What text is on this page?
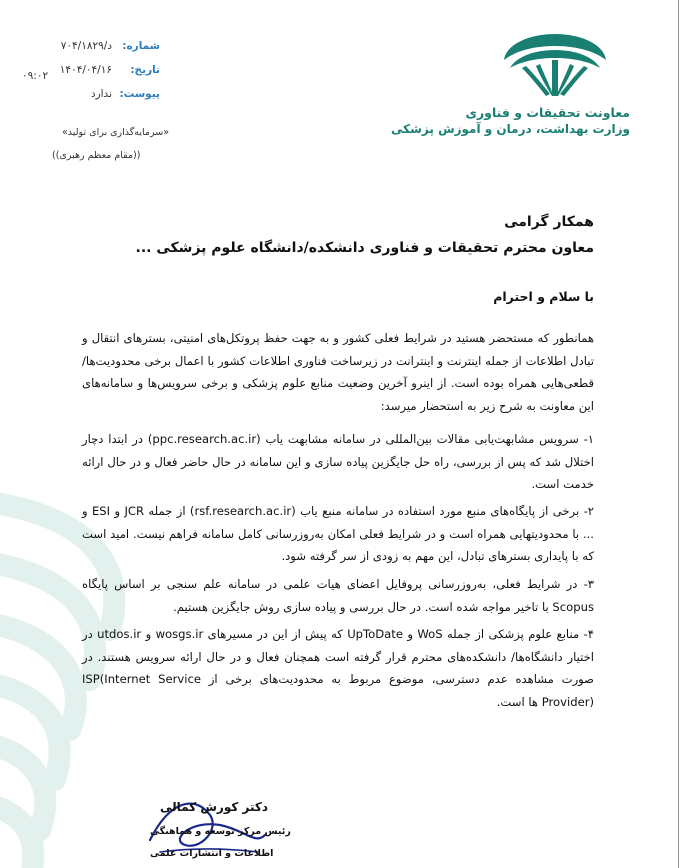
معاونت تحقیقات و فناوری
وزارت بهداشت، درمان و آموزش پزشکی
شماره:
د/۷۰۴/۱۸۲۹
تاریخ:
۱۴۰۴/۰۴/۱۶
پیوست:
ندارد
۰۹:۰۲
«سرمایه‌گذاری برای تولید»
((مقام معظم رهبری))
همکار گرامی
معاون محترم تحقیقات و فناوری دانشکده/دانشگاه علوم پزشکی ...
با سلام و احترام
همانطور که مستحضر هستید در شرایط فعلی کشور و به جهت حفظ پروتکل‌های امنیتی، بسترهای انتقال و تبادل اطلاعات از جمله اینترنت و اینترانت در زیرساخت فناوری اطلاعات کشور با اعمال برخی محدودیت‌ها/ قطعی‌هایی همراه بوده است. از اینرو آخرین وضعیت منابع علوم پزشکی و برخی سرویس‌ها و سامانه‌های این معاونت به شرح زیر به استحضار میرسد:
۱- سرویس مشابهت‌یابی مقالات بین‌المللی در سامانه مشابهت یاب (ppc.research.ac.ir) در ابتدا دچار اختلال شد که پس از بررسی، راه حل جایگزین پیاده سازی و این سامانه در حال حاضر فعال و در حال ارائه خدمت است.
۲- برخی از پایگاه‌های منبع مورد استفاده در سامانه منبع یاب (rsf.research.ac.ir) از جمله JCR و ESI و ... با محدودیتهایی همراه است و در شرایط فعلی امکان به‌روزرسانی کامل سامانه فراهم نیست. امید است که با پایداری بسترهای تبادل، این مهم به زودی از سر گرفته شود.
۳- در شرایط فعلی، به‌روزرسانی پروفایل اعضای هیات علمی در سامانه علم سنجی بر اساس پایگاه Scopus با تاخیر مواجه شده است. در حال بررسی و پیاده سازی روش جایگزین هستیم.
۴- منابع علوم پزشکی از جمله WoS و UpToDate که پیش از این در مسیرهای wosgs.ir و utdos.ir در اختیار دانشگاه‌ها/ دانشکده‌های محترم قرار گرفته است همچنان فعال و در حال ارائه سرویس هستند. در صورت مشاهده عدم دسترسی، موضوع مربوط به محدودیت‌های برخی از ISP(Internet Service Provider) ها است.
دکتر کورش کمالی
رئیس مرکز توسعه و هماهنگی
اطلاعات و انتشارات علمی
